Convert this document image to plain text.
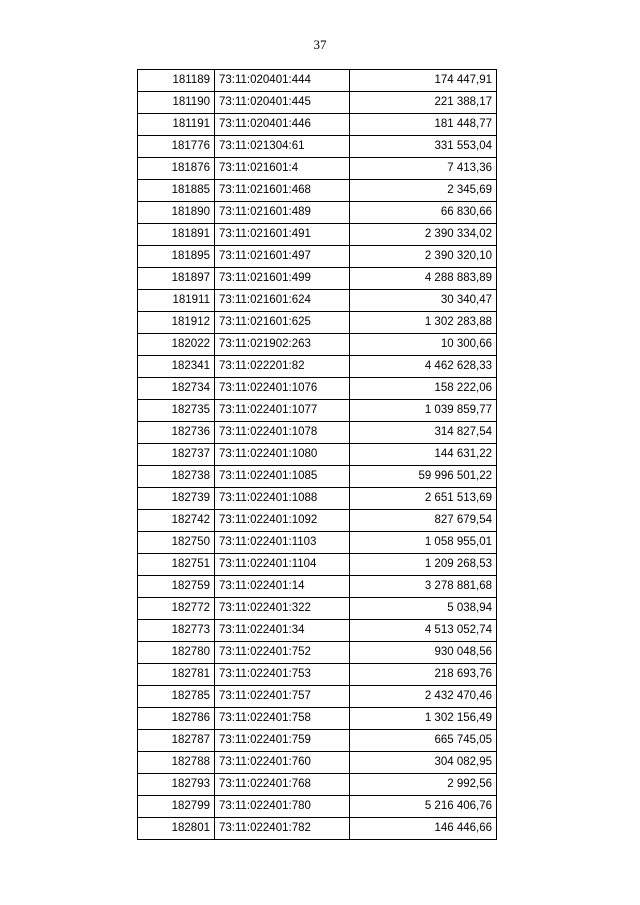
37
181189	73:11:020401:444	174 447,91
181190	73:11:020401:445	221 388,17
181191	73:11:020401:446	181 448,77
181776	73:11:021304:61	331 553,04
181876	73:11:021601:4	7 413,36
181885	73:11:021601:468	2 345,69
181890	73:11:021601:489	66 830,66
181891	73:11:021601:491	2 390 334,02
181895	73:11:021601:497	2 390 320,10
181897	73:11:021601:499	4 288 883,89
181911	73:11:021601:624	30 340,47
181912	73:11:021601:625	1 302 283,88
182022	73:11:021902:263	10 300,66
182341	73:11:022201:82	4 462 628,33
182734	73:11:022401:1076	158 222,06
182735	73:11:022401:1077	1 039 859,77
182736	73:11:022401:1078	314 827,54
182737	73:11:022401:1080	144 631,22
182738	73:11:022401:1085	59 996 501,22
182739	73:11:022401:1088	2 651 513,69
182742	73:11:022401:1092	827 679,54
182750	73:11:022401:1103	1 058 955,01
182751	73:11:022401:1104	1 209 268,53
182759	73:11:022401:14	3 278 881,68
182772	73:11:022401:322	5 038,94
182773	73:11:022401:34	4 513 052,74
182780	73:11:022401:752	930 048,56
182781	73:11:022401:753	218 693,76
182785	73:11:022401:757	2 432 470,46
182786	73:11:022401:758	1 302 156,49
182787	73:11:022401:759	665 745,05
182788	73:11:022401:760	304 082,95
182793	73:11:022401:768	2 992,56
182799	73:11:022401:780	5 216 406,76
182801	73:11:022401:782	146 446,66
